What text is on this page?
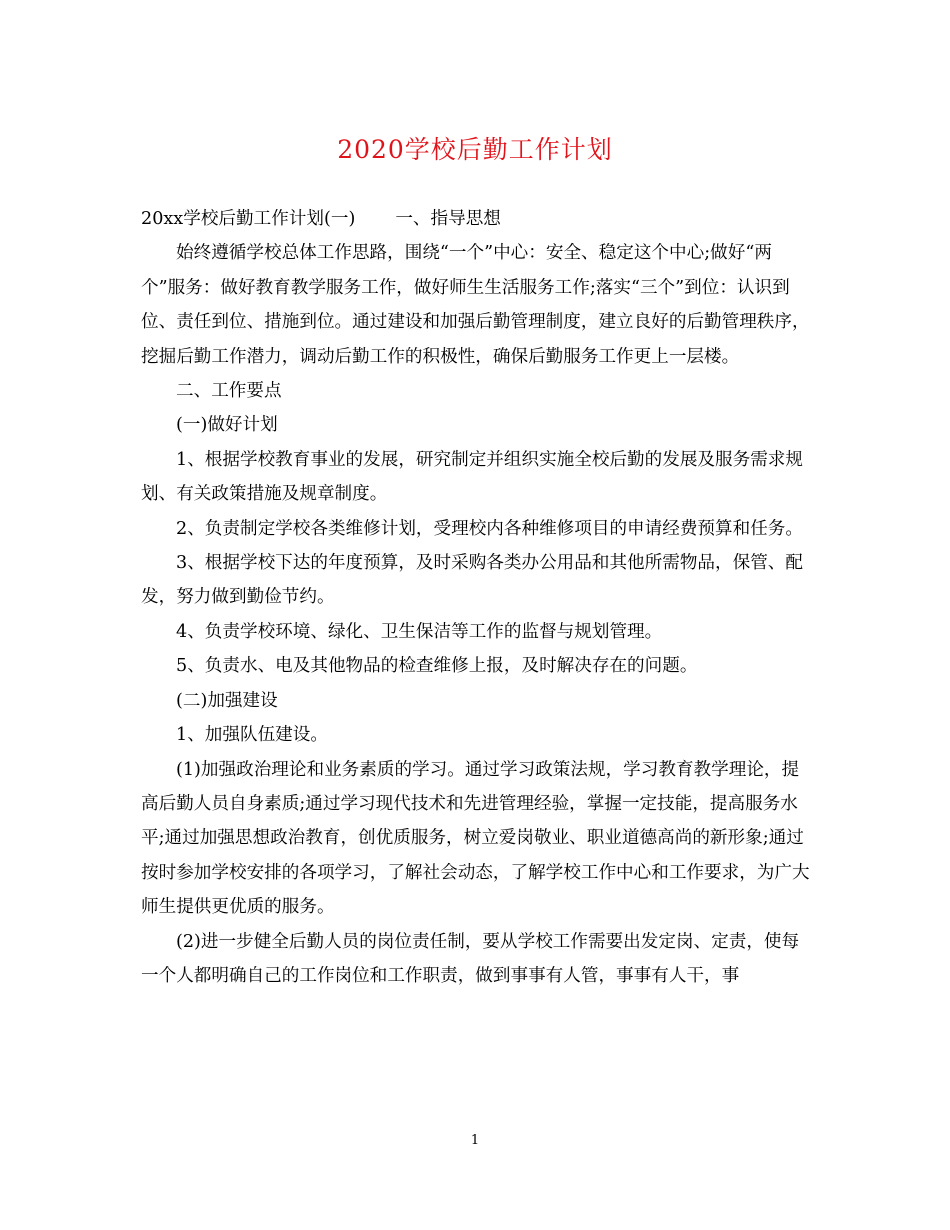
2020学校后勤工作计划

20xx学校后勤工作计划(一) 一、指导思想

始终遵循学校总体工作思路，围绕“一个”中心：安全、稳定这个中心;做好“两个”服务：做好教育教学服务工作，做好师生生活服务工作;落实“三个”到位：认识到位、责任到位、措施到位。通过建设和加强后勤管理制度，建立良好的后勤管理秩序，挖掘后勤工作潜力，调动后勤工作的积极性，确保后勤服务工作更上一层楼。

二、工作要点

(一)做好计划

1、根据学校教育事业的发展，研究制定并组织实施全校后勤的发展及服务需求规划、有关政策措施及规章制度。

2、负责制定学校各类维修计划，受理校内各种维修项目的申请经费预算和任务。

3、根据学校下达的年度预算，及时采购各类办公用品和其他所需物品，保管、配发，努力做到勤俭节约。

4、负责学校环境、绿化、卫生保洁等工作的监督与规划管理。

5、负责水、电及其他物品的检查维修上报，及时解决存在的问题。

(二)加强建设

1、加强队伍建设。

(1)加强政治理论和业务素质的学习。通过学习政策法规，学习教育教学理论，提高后勤人员自身素质;通过学习现代技术和先进管理经验，掌握一定技能，提高服务水平;通过加强思想政治教育，创优质服务，树立爱岗敬业、职业道德高尚的新形象;通过按时参加学校安排的各项学习，了解社会动态，了解学校工作中心和工作要求，为广大师生提供更优质的服务。

(2)进一步健全后勤人员的岗位责任制，要从学校工作需要出发定岗、定责，使每一个人都明确自己的工作岗位和工作职责，做到事事有人管，事事有人干，事

1
